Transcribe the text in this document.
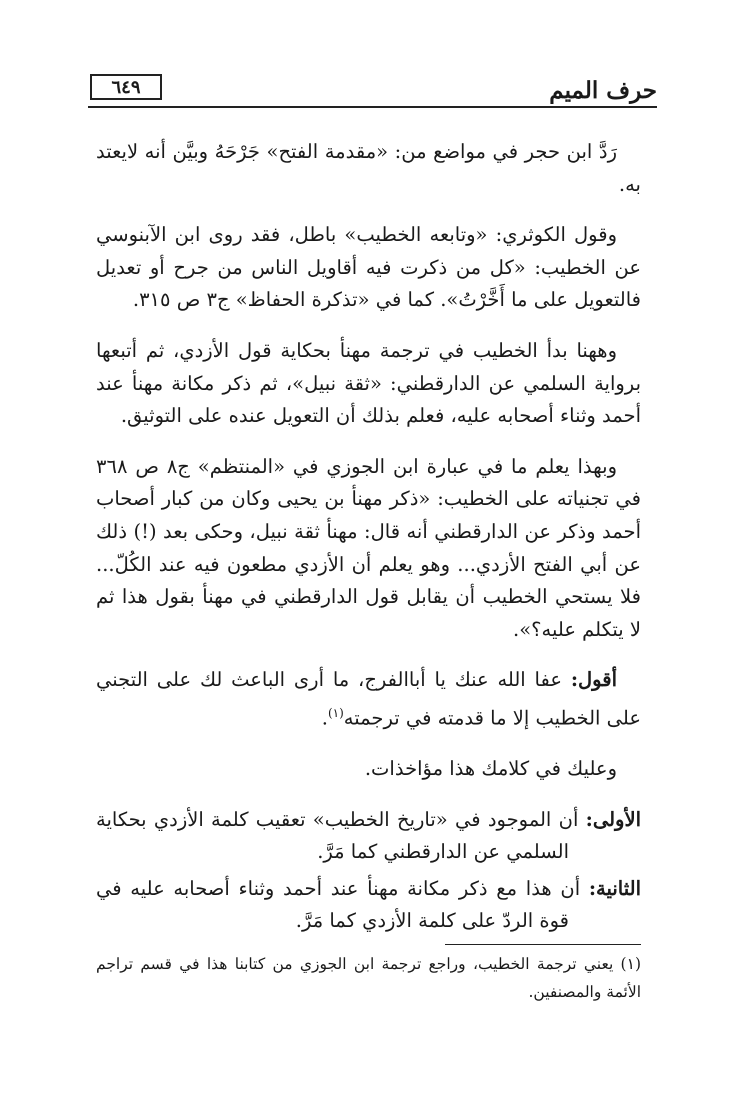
حرف الميم
٦٤٩

رَدَّ ابن حجر في مواضع من: «مقدمة الفتح» جَرْحَهُ وبيَّن أنه لايعتد به.

وقول الكوثري: «وتابعه الخطيب» باطل، فقد روى ابن الآبنوسي عن الخطيب: «كل من ذكرت فيه أقاويل الناس من جرح أو تعديل فالتعويل على ما أَخَّرْتُ». كما في «تذكرة الحفاظ» ج٣ ص ٣١٥.

وههنا بدأ الخطيب في ترجمة مهنأ بحكاية قول الأزدي، ثم أتبعها برواية السلمي عن الدارقطني: «ثقة نبيل»، ثم ذكر مكانة مهنأ عند أحمد وثناء أصحابه عليه، فعلم بذلك أن التعويل عنده على التوثيق.

وبهذا يعلم ما في عبارة ابن الجوزي في «المنتظم» ج٨ ص ٣٦٨ في تجنياته على الخطيب: «ذكر مهنأ بن يحيى وكان من كبار أصحاب أحمد وذكر عن الدارقطني أنه قال: مهنأ ثقة نبيل، وحكى بعد (!) ذلك عن أبي الفتح الأزدي... وهو يعلم أن الأزدي مطعون فيه عند الكُلّ... فلا يستحي الخطيب أن يقابل قول الدارقطني في مهنأ بقول هذا ثم لا يتكلم عليه؟».

أقول: عفا الله عنك يا أباالفرج، ما أرى الباعث لك على التجني على الخطيب إلا ما قدمته في ترجمته$^{(١)}$.

وعليك في كلامك هذا مؤاخذات.

الأولى: أن الموجود في «تاريخ الخطيب» تعقيب كلمة الأزدي بحكاية السلمي عن الدارقطني كما مَرَّ.

الثانية: أن هذا مع ذكر مكانة مهنأ عند أحمد وثناء أصحابه عليه في قوة الردّ على كلمة الأزدي كما مَرَّ.

(١) يعني ترجمة الخطيب، وراجع ترجمة ابن الجوزي من كتابنا هذا في قسم تراجم الأئمة والمصنفين.
